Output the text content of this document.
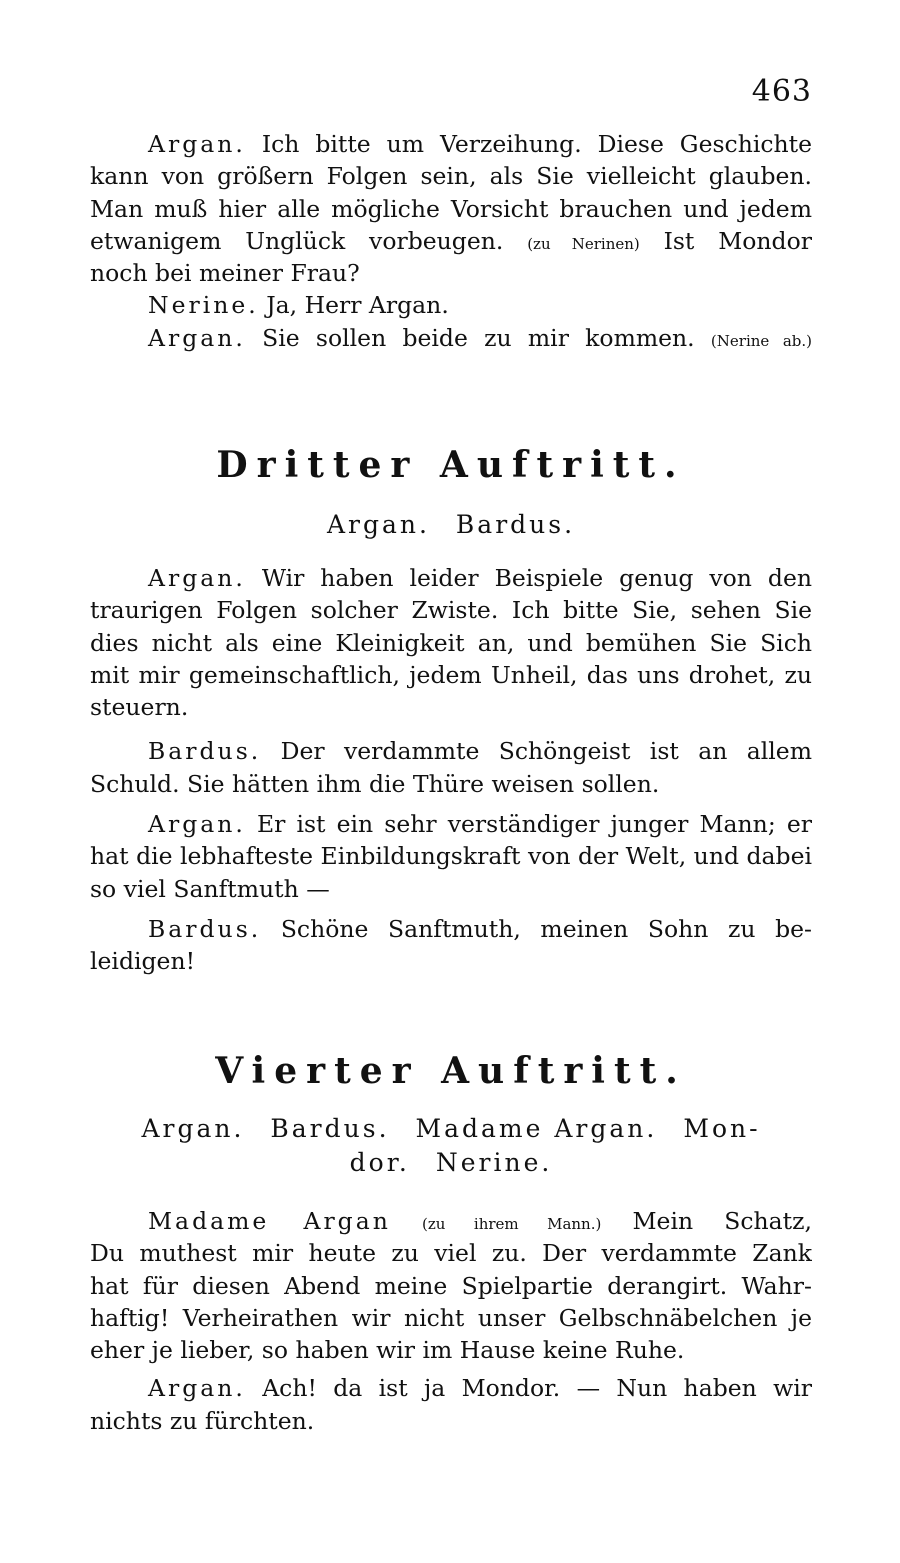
463
Argan. Ich bitte um Verzeihung. Diese Geschichte
kann von größern Folgen sein, als Sie vielleicht glauben.
Man muß hier alle mögliche Vorsicht brauchen und jedem
etwanigem Unglück vorbeugen. (zu Nerinen) Ist Mondor
noch bei meiner Frau?
Nerine. Ja, Herr Argan.
Argan. Sie sollen beide zu mir kommen. (Nerine ab.)
Dritter Auftritt.
Argan. Bardus.
Argan. Wir haben leider Beispiele genug von den
traurigen Folgen solcher Zwiste. Ich bitte Sie, sehen Sie
dies nicht als eine Kleinigkeit an, und bemühen Sie Sich
mit mir gemeinschaftlich, jedem Unheil, das uns drohet, zu
steuern.
Bardus. Der verdammte Schöngeist ist an allem
Schuld. Sie hätten ihm die Thüre weisen sollen.
Argan. Er ist ein sehr verständiger junger Mann; er
hat die lebhafteste Einbildungskraft von der Welt, und dabei
so viel Sanftmuth —
Bardus. Schöne Sanftmuth, meinen Sohn zu be-
leidigen!
Vierter Auftritt.
Argan. Bardus. Madame Argan. Mon-
dor. Nerine.
Madame Argan (zu ihrem Mann.) Mein Schatz,
Du muthest mir heute zu viel zu. Der verdammte Zank
hat für diesen Abend meine Spielpartie derangirt. Wahr-
haftig! Verheirathen wir nicht unser Gelbschnäbelchen je
eher je lieber, so haben wir im Hause keine Ruhe.
Argan. Ach! da ist ja Mondor. — Nun haben wir
nichts zu fürchten.
